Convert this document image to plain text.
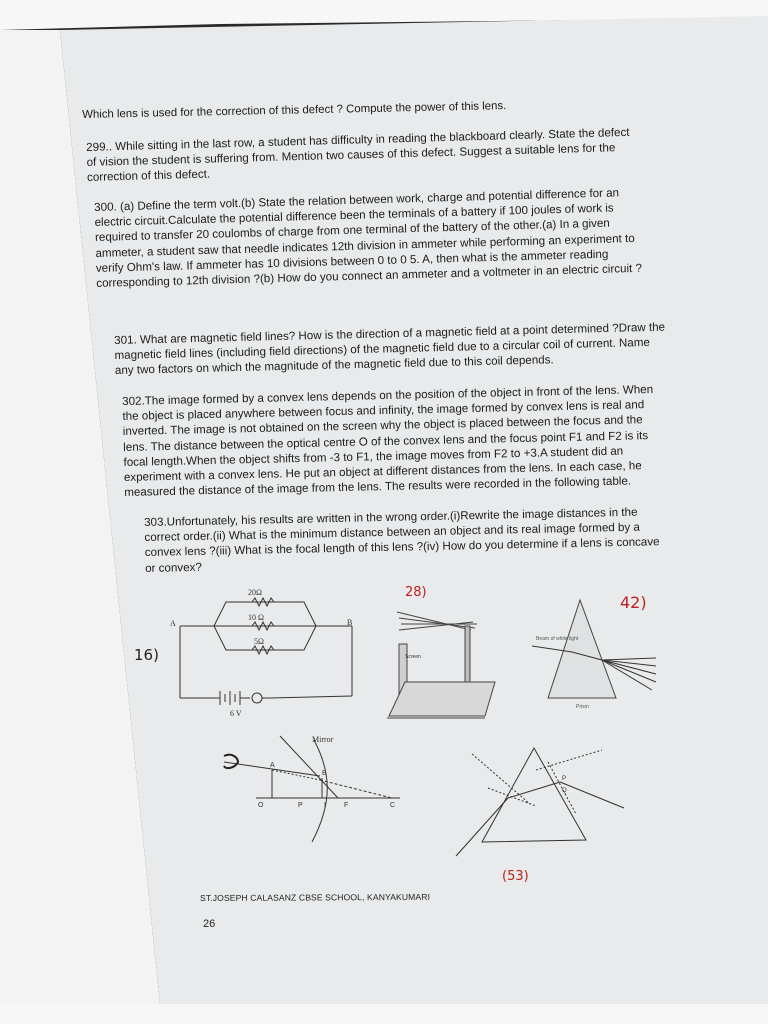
Which lens is used for the correction of this defect ? Compute the power of this lens.
299.. While sitting in the last row, a student has difficulty in reading the blackboard clearly. State the defect of vision the student is suffering from. Mention two causes of this defect. Suggest a suitable lens for the correction of this defect.
300. (a) Define the term volt.(b) State the relation between work, charge and potential difference for an electric circuit.Calculate the potential difference been the terminals of a battery if 100 joules of work is required to transfer 20 coulombs of charge from one terminal of the battery of the other.(a) In a given ammeter, a student saw that needle indicates 12th division in ammeter while performing an experiment to verify Ohm's law. If ammeter has 10 divisions between 0 to 0 5. A, then what is the ammeter reading corresponding to 12th division ?(b) How do you connect an ammeter and a voltmeter in an electric circuit ?
301. What are magnetic field lines? How is the direction of a magnetic field at a point determined ?Draw the magnetic field lines (including field directions) of the magnetic field due to a circular coil of current. Name any two factors on which the magnitude of the magnetic field due to this coil depends.
302.The image formed by a convex lens depends on the position of the object in front of the lens. When the object is placed anywhere between focus and infinity, the image formed by convex lens is real and inverted. The image is not obtained on the screen why the object is placed between the focus and the lens. The distance between the optical centre O of the convex lens and the focus point F1 and F2 is its focal length.When the object shifts from -3 to F1, the image moves from F2 to +3.A student did an experiment with a convex lens. He put an object at different distances from the lens. In each case, he measured the distance of the image from the lens. The results were recorded in the following table.
303.Unfortunately, his results are written in the wrong order.(i)Rewrite the image distances in the correct order.(ii) What is the minimum distance between an object and its real image formed by a convex lens ?(iii) What is the focal length of this lens ?(iv) How do you determine if a lens is concave or convex?
20Ω
10 Ω
5Ω
A	B
6 V
16)	Screen
28)
Beam of white light
Prism
42)
Mirror
A
B
O	P	I	F	C
P
Q
(53)
ST.JOSEPH CALASANZ CBSE SCHOOL, KANYAKUMARI
26
